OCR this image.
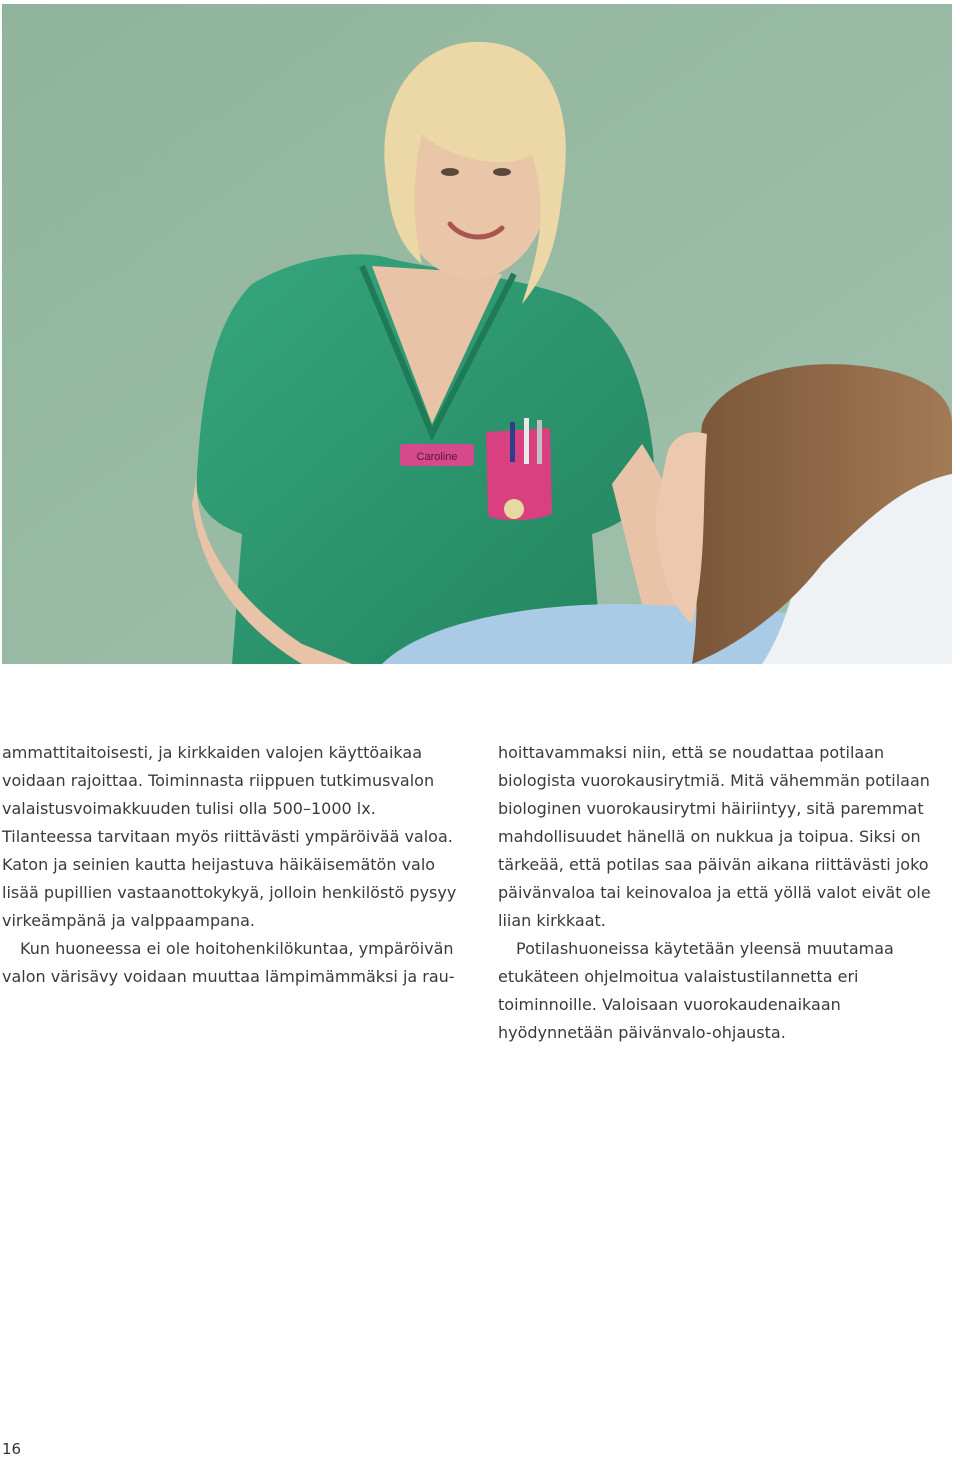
Caroline

ammattitaitoisesti, ja kirkkaiden valojen käyttöaikaa voidaan rajoittaa. Toiminnasta riippuen tutkimusvalon valaistusvoimakkuuden tulisi olla 500–1000 lx. Tilanteessa tarvitaan myös riittävästi ympäröivää valoa. Katon ja seinien kautta heijastuva häikäisemätön valo lisää pupillien vastaanottokykyä, jolloin henkilöstö pysyy virkeämpänä ja valppaampana.

Kun huoneessa ei ole hoitohenkilökuntaa, ympäröivän valon värisävy voidaan muuttaa lämpimämmäksi ja rau-

hoittavammaksi niin, että se noudattaa potilaan biologista vuorokausirytmiä. Mitä vähemmän potilaan biologinen vuorokausirytmi häiriintyy, sitä paremmat mahdollisuudet hänellä on nukkua ja toipua. Siksi on tärkeää, että potilas saa päivän aikana riittävästi joko päivänvaloa tai keinovaloa ja että yöllä valot eivät ole liian kirkkaat.

Potilashuoneissa käytetään yleensä muutamaa etukäteen ohjelmoitua valaistustilannetta eri toiminnoille. Valoisaan vuorokaudenaikaan hyödynnetään päivänvalo-ohjausta.

16
